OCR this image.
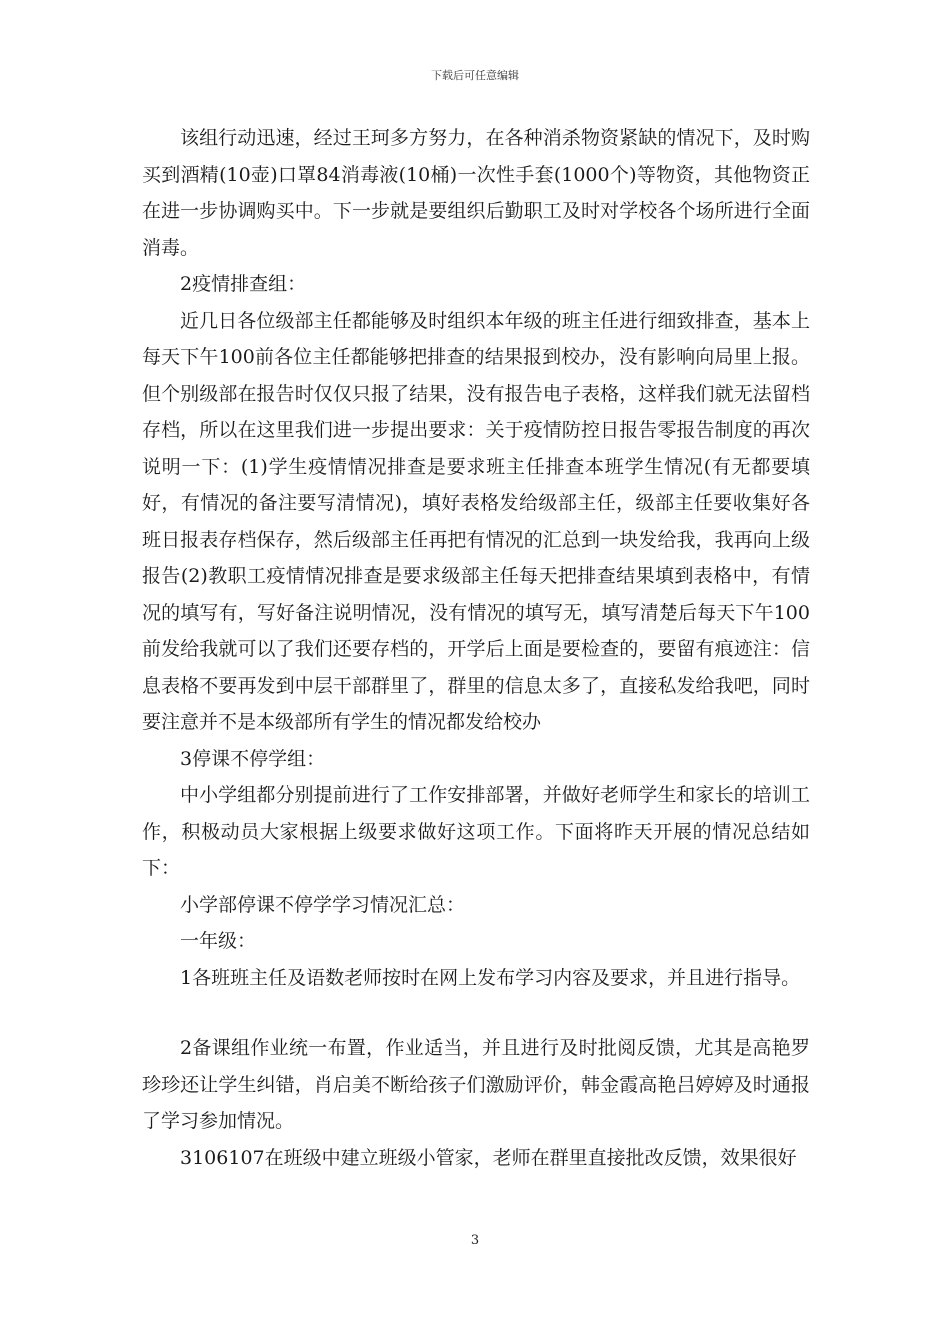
下载后可任意编辑

该组行动迅速，经过王珂多方努力，在各种消杀物资紧缺的情况下，及时购买到酒精(10壶)口罩84消毒液(10桶)一次性手套(1000个)等物资，其他物资正在进一步协调购买中。下一步就是要组织后勤职工及时对学校各个场所进行全面消毒。

2疫情排查组：

近几日各位级部主任都能够及时组织本年级的班主任进行细致排查，基本上每天下午100前各位主任都能够把排查的结果报到校办，没有影响向局里上报。但个别级部在报告时仅仅只报了结果，没有报告电子表格，这样我们就无法留档存档，所以在这里我们进一步提出要求：关于疫情防控日报告零报告制度的再次说明一下：(1)学生疫情情况排查是要求班主任排查本班学生情况(有无都要填好，有情况的备注要写清情况)，填好表格发给级部主任，级部主任要收集好各班日报表存档保存，然后级部主任再把有情况的汇总到一块发给我，我再向上级报告(2)教职工疫情情况排查是要求级部主任每天把排查结果填到表格中，有情况的填写有，写好备注说明情况，没有情况的填写无，填写清楚后每天下午100前发给我就可以了我们还要存档的，开学后上面是要检查的，要留有痕迹注：信息表格不要再发到中层干部群里了，群里的信息太多了，直接私发给我吧，同时要注意并不是本级部所有学生的情况都发给校办

3停课不停学组：

中小学组都分别提前进行了工作安排部署，并做好老师学生和家长的培训工作，积极动员大家根据上级要求做好这项工作。下面将昨天开展的情况总结如下：

小学部停课不停学学习情况汇总：

一年级：

1各班班主任及语数老师按时在网上发布学习内容及要求，并且进行指导。

2备课组作业统一布置，作业适当，并且进行及时批阅反馈，尤其是高艳罗珍珍还让学生纠错，肖启美不断给孩子们激励评价，韩金霞高艳吕婷婷及时通报了学习参加情况。

3106107在班级中建立班级小管家，老师在群里直接批改反馈，效果很好

3
